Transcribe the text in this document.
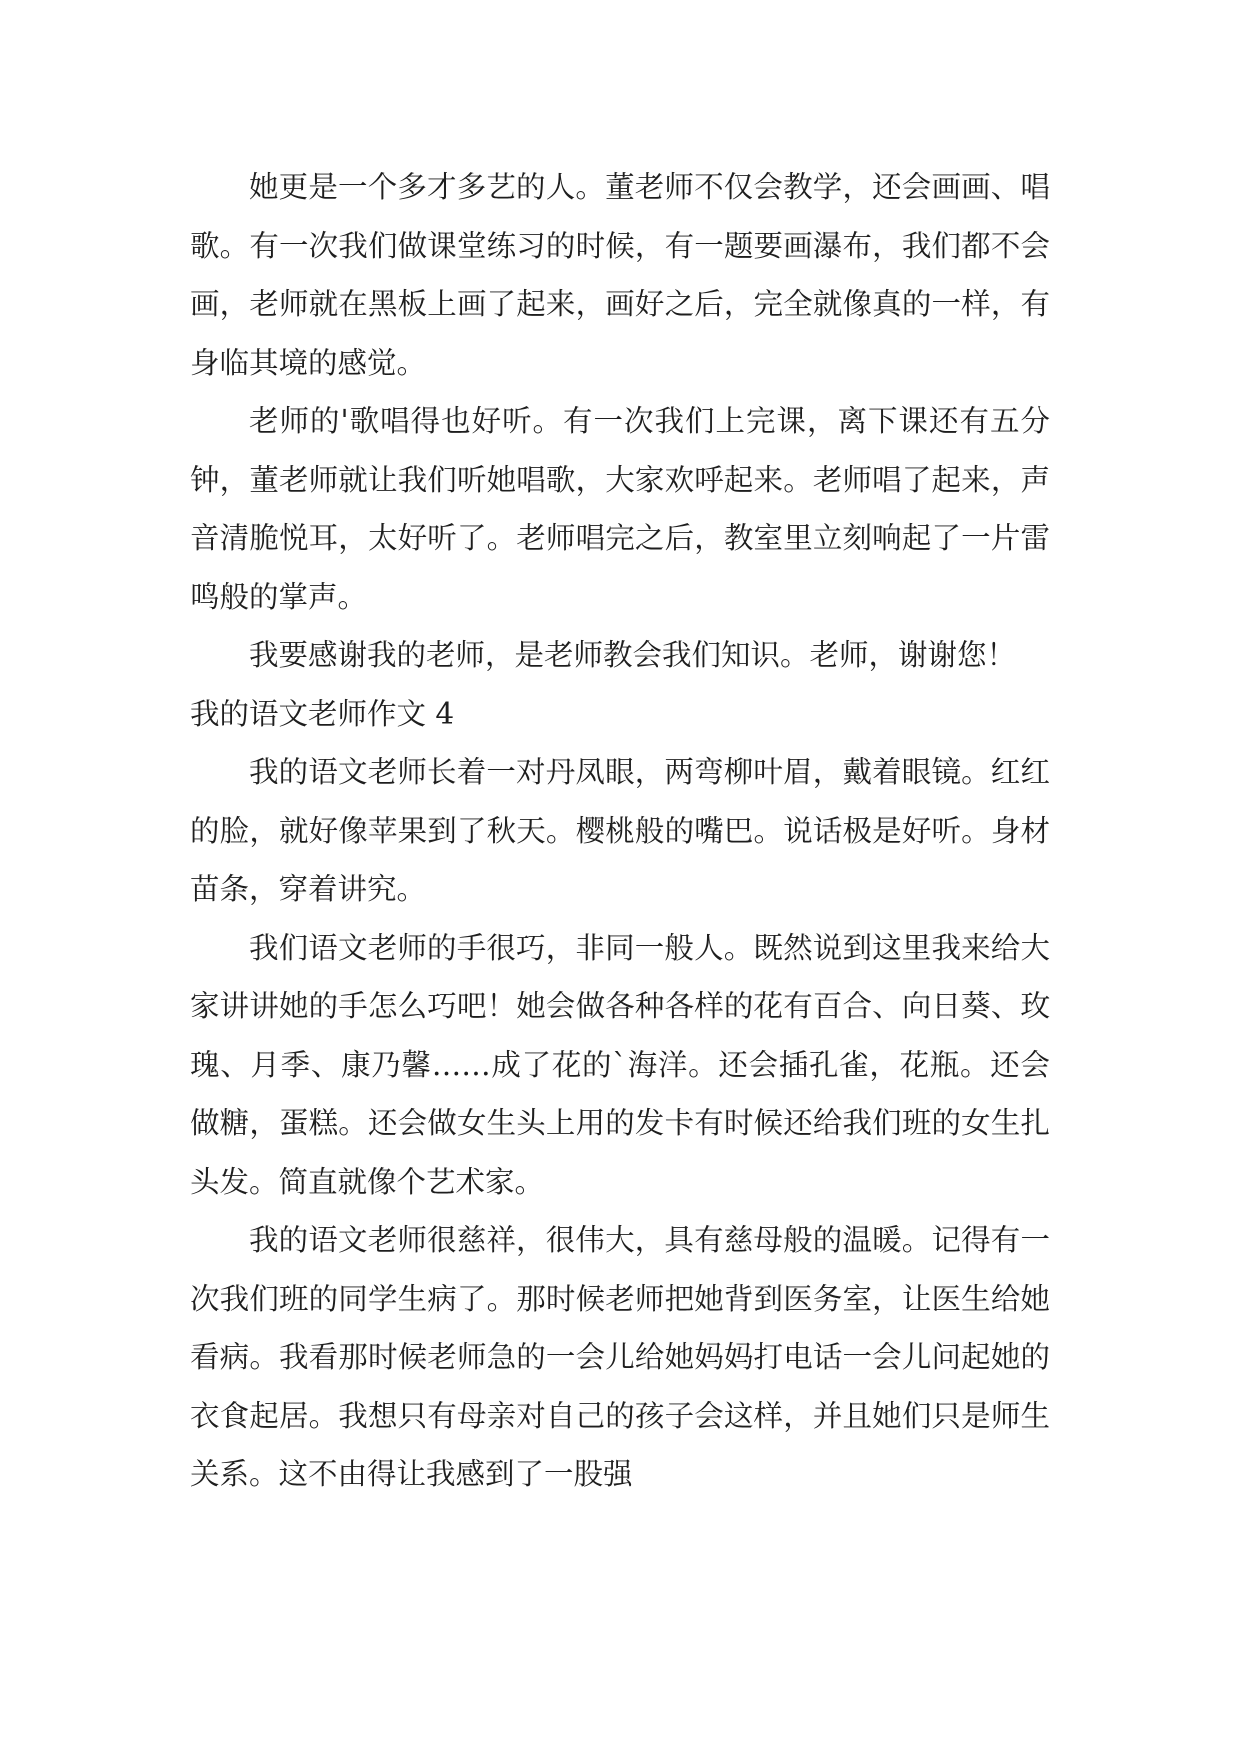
她更是一个多才多艺的人。董老师不仅会教学，还会画画、唱歌。有一次我们做课堂练习的时候，有一题要画瀑布，我们都不会画，老师就在黑板上画了起来，画好之后，完全就像真的一样，有身临其境的感觉。

老师的'歌唱得也好听。有一次我们上完课，离下课还有五分钟，董老师就让我们听她唱歌，大家欢呼起来。老师唱了起来，声音清脆悦耳，太好听了。老师唱完之后，教室里立刻响起了一片雷鸣般的掌声。

我要感谢我的老师，是老师教会我们知识。老师，谢谢您！

我的语文老师作文 4

我的语文老师长着一对丹凤眼，两弯柳叶眉，戴着眼镜。红红的脸，就好像苹果到了秋天。樱桃般的嘴巴。说话极是好听。身材苗条，穿着讲究。

我们语文老师的手很巧，非同一般人。既然说到这里我来给大家讲讲她的手怎么巧吧！她会做各种各样的花有百合、向日葵、玫瑰、月季、康乃馨……成了花的`海洋。还会插孔雀，花瓶。还会做糖，蛋糕。还会做女生头上用的发卡有时候还给我们班的女生扎头发。简直就像个艺术家。

我的语文老师很慈祥，很伟大，具有慈母般的温暖。记得有一次我们班的同学生病了。那时候老师把她背到医务室，让医生给她看病。我看那时候老师急的一会儿给她妈妈打电话一会儿问起她的衣食起居。我想只有母亲对自己的孩子会这样，并且她们只是师生关系。这不由得让我感到了一股强
